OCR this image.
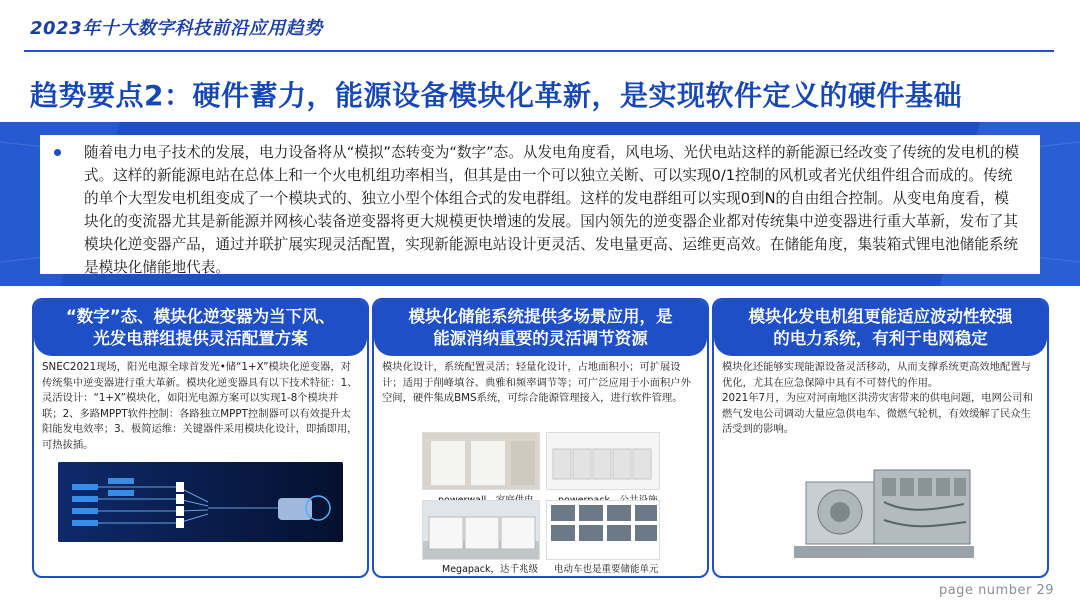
2023年十大数字科技前沿应用趋势
趋势要点2：硬件蓄力，能源设备模块化革新，是实现软件定义的硬件基础
随着电力电子技术的发展，电力设备将从“模拟”态转变为“数字”态。从发电角度看，风电场、光伏电站这样的新能源已经改变了传统的发电机的模式。这样的新能源电站在总体上和一个火电机组功率相当，但其是由一个可以独立关断、可以实现0/1控制的风机或者光伏组件组合而成的。传统的单个大型发电机组变成了一个模块式的、独立小型个体组合式的发电群组。这样的发电群组可以实现0到N的自由组合控制。从变电角度看，模块化的变流器尤其是新能源并网核心装备逆变器将更大规模更快增速的发展。国内领先的逆变器企业都对传统集中逆变器进行重大革新，发布了其模块化逆变器产品，通过并联扩展实现灵活配置，实现新能源电站设计更灵活、发电量更高、运维更高效。在储能角度，集装箱式锂电池储能系统是模块化储能地代表。
“数字”态、模块化逆变器为当下风、
光发电群组提供灵活配置方案
SNEC2021现场，阳光电源全球首发光•储“1+X”模块化逆变器，对传统集中逆变器进行重大革新。模块化逆变器具有以下技术特征：1、灵活设计：“1+X”模块化，如阳光电源方案可以实现1-8个模块并联；2、多路MPPT软件控制：各路独立MPPT控制器可以有效提升太阳能发电效率；3、极简运维：关键器件采用模块化设计，即插即用，可热拔插。
模块化储能系统提供多场景应用，是
能源消纳重要的灵活调节资源
模块化设计，系统配置灵活；轻量化设计，占地面积小；可扩展设计；适用于削峰填谷、典雅和频率调节等；可广泛应用于小面积户外空间，硬件集成BMS系统，可综合能源管理接入，进行软件管理。
Megapack，达千兆级 电动车也是重要储能单元
模块化发电机组更能适应波动性较强
的电力系统，有利于电网稳定
模块化还能够实现能源设备灵活移动，从而支撑系统更高效地配置与优化，尤其在应急保障中具有不可替代的作用。
2021年7月，为应对河南地区洪涝灾害带来的供电问题，电网公司和燃气发电公司调动大量应急供电车、微燃气轮机，有效缓解了民众生活受到的影响。
page number 29
